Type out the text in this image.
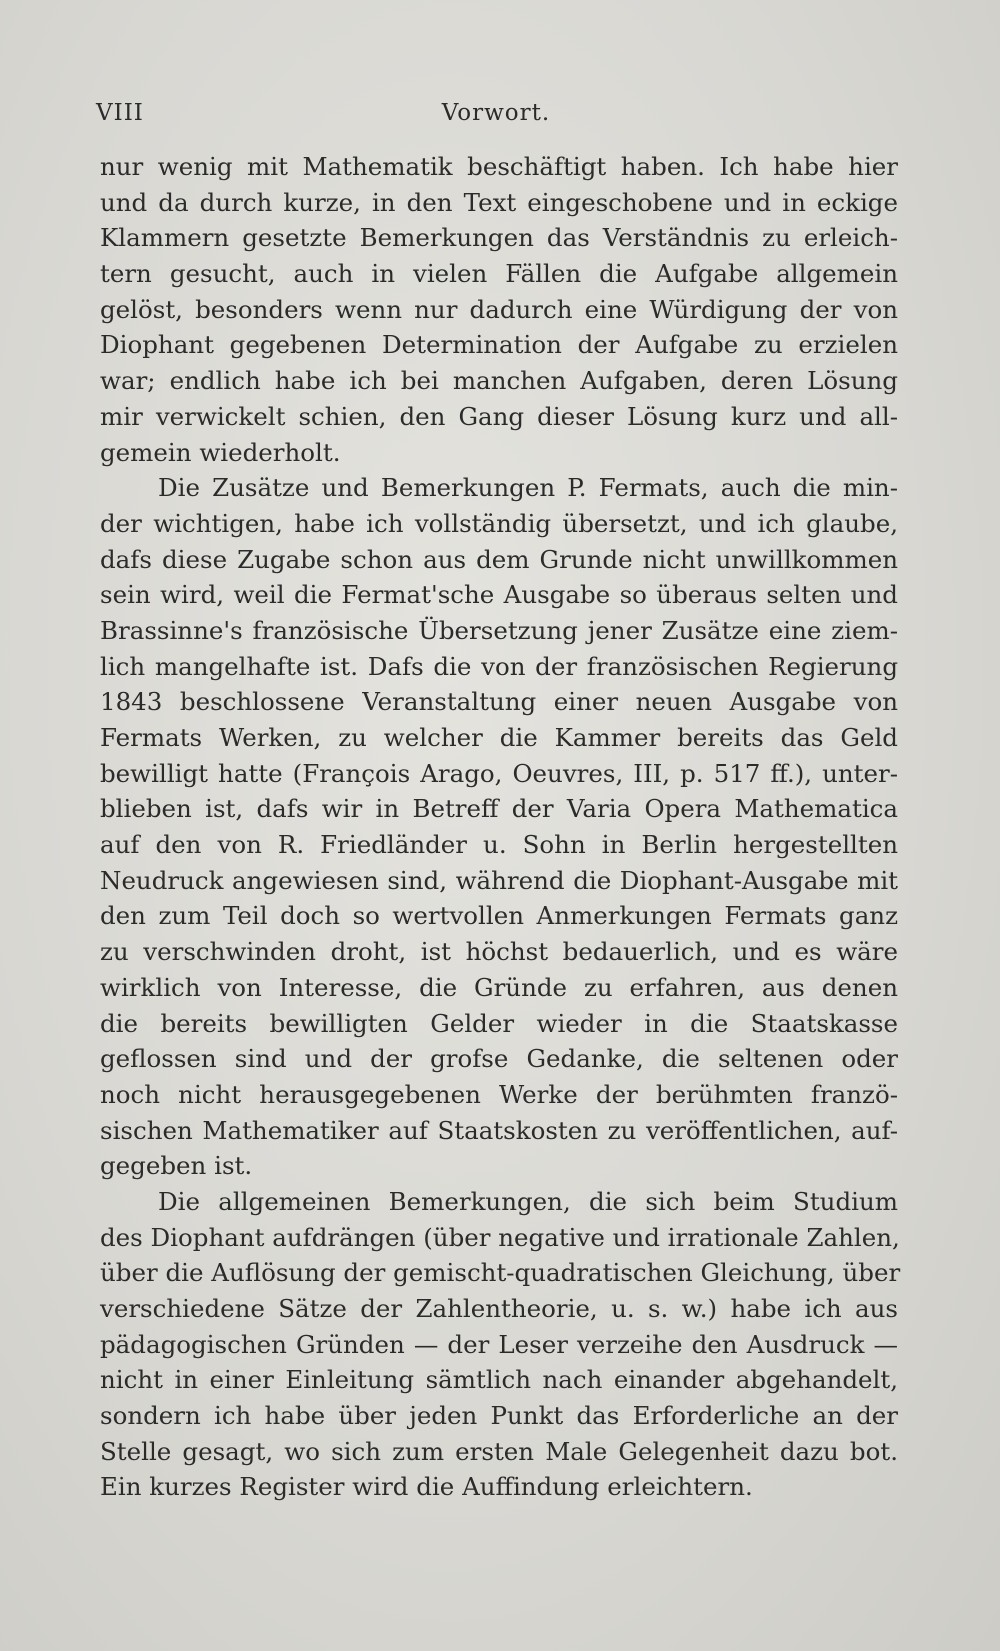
VIII	Vorwort.
nur wenig mit Mathematik beschäftigt haben. Ich habe hier
und da durch kurze, in den Text eingeschobene und in eckige
Klammern gesetzte Bemerkungen das Verständnis zu erleich-
tern gesucht, auch in vielen Fällen die Aufgabe allgemein
gelöst, besonders wenn nur dadurch eine Würdigung der von
Diophant gegebenen Determination der Aufgabe zu erzielen
war; endlich habe ich bei manchen Aufgaben, deren Lösung
mir verwickelt schien, den Gang dieser Lösung kurz und all-
gemein wiederholt.
Die Zusätze und Bemerkungen P. Fermats, auch die min-
der wichtigen, habe ich vollständig übersetzt, und ich glaube,
dafs diese Zugabe schon aus dem Grunde nicht unwillkommen
sein wird, weil die Fermat'sche Ausgabe so überaus selten und
Brassinne's französische Übersetzung jener Zusätze eine ziem-
lich mangelhafte ist. Dafs die von der französischen Regierung
1843 beschlossene Veranstaltung einer neuen Ausgabe von
Fermats Werken, zu welcher die Kammer bereits das Geld
bewilligt hatte (François Arago, Oeuvres, III, p. 517 ff.), unter-
blieben ist, dafs wir in Betreff der Varia Opera Mathematica
auf den von R. Friedländer u. Sohn in Berlin hergestellten
Neudruck angewiesen sind, während die Diophant-Ausgabe mit
den zum Teil doch so wertvollen Anmerkungen Fermats ganz
zu verschwinden droht, ist höchst bedauerlich, und es wäre
wirklich von Interesse, die Gründe zu erfahren, aus denen
die bereits bewilligten Gelder wieder in die Staatskasse
geflossen sind und der grofse Gedanke, die seltenen oder
noch nicht herausgegebenen Werke der berühmten franzö-
sischen Mathematiker auf Staatskosten zu veröffentlichen, auf-
gegeben ist.
Die allgemeinen Bemerkungen, die sich beim Studium
des Diophant aufdrängen (über negative und irrationale Zahlen,
über die Auflösung der gemischt-quadratischen Gleichung, über
verschiedene Sätze der Zahlentheorie, u. s. w.) habe ich aus
pädagogischen Gründen — der Leser verzeihe den Ausdruck —
nicht in einer Einleitung sämtlich nach einander abgehandelt,
sondern ich habe über jeden Punkt das Erforderliche an der
Stelle gesagt, wo sich zum ersten Male Gelegenheit dazu bot.
Ein kurzes Register wird die Auffindung erleichtern.
